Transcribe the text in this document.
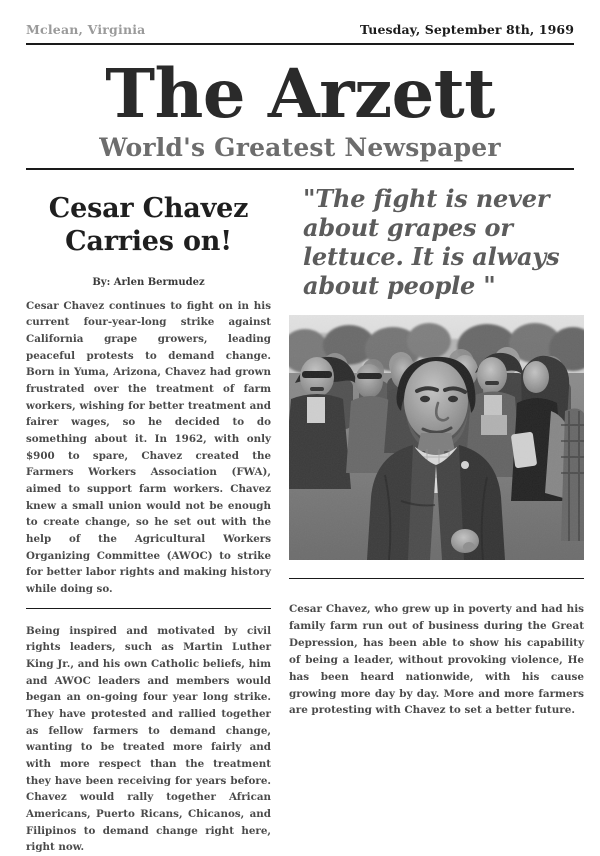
Mclean, Virginia	Tuesday, September 8th, 1969
The Arzett
World's Greatest Newspaper
Cesar Chavez Carries on!
By: Arlen Bermudez

Cesar Chavez continues to fight on in his current four-year-long strike against California grape growers, leading peaceful protests to demand change. Born in Yuma, Arizona, Chavez had grown frustrated over the treatment of farm workers, wishing for better treatment and fairer wages, so he decided to do something about it. In 1962, with only $900 to spare, Chavez created the Farmers Workers Association (FWA), aimed to support farm workers. Chavez knew a small union would not be enough to create change, so he set out with the help of the Agricultural Workers Organizing Committee (AWOC) to strike for better labor rights and making history while doing so.

Being inspired and motivated by civil rights leaders, such as Martin Luther King Jr., and his own Catholic beliefs, him and AWOC leaders and members would began an on-going four year long strike. They have protested and rallied together as fellow farmers to demand change, wanting to be treated more fairly and with more respect than the treatment they have been receiving for years before. Chavez would rally together African Americans, Puerto Ricans, Chicanos, and Filipinos to demand change right here, right now.

"The fight is never about grapes or lettuce. It is always about people "

Cesar Chavez, who grew up in poverty and had his family farm run out of business during the Great Depression, has been able to show his capability of being a leader, without provoking violence, He has been heard nationwide, with his cause growing more day by day. More and more farmers are protesting with Chavez to set a better future.
